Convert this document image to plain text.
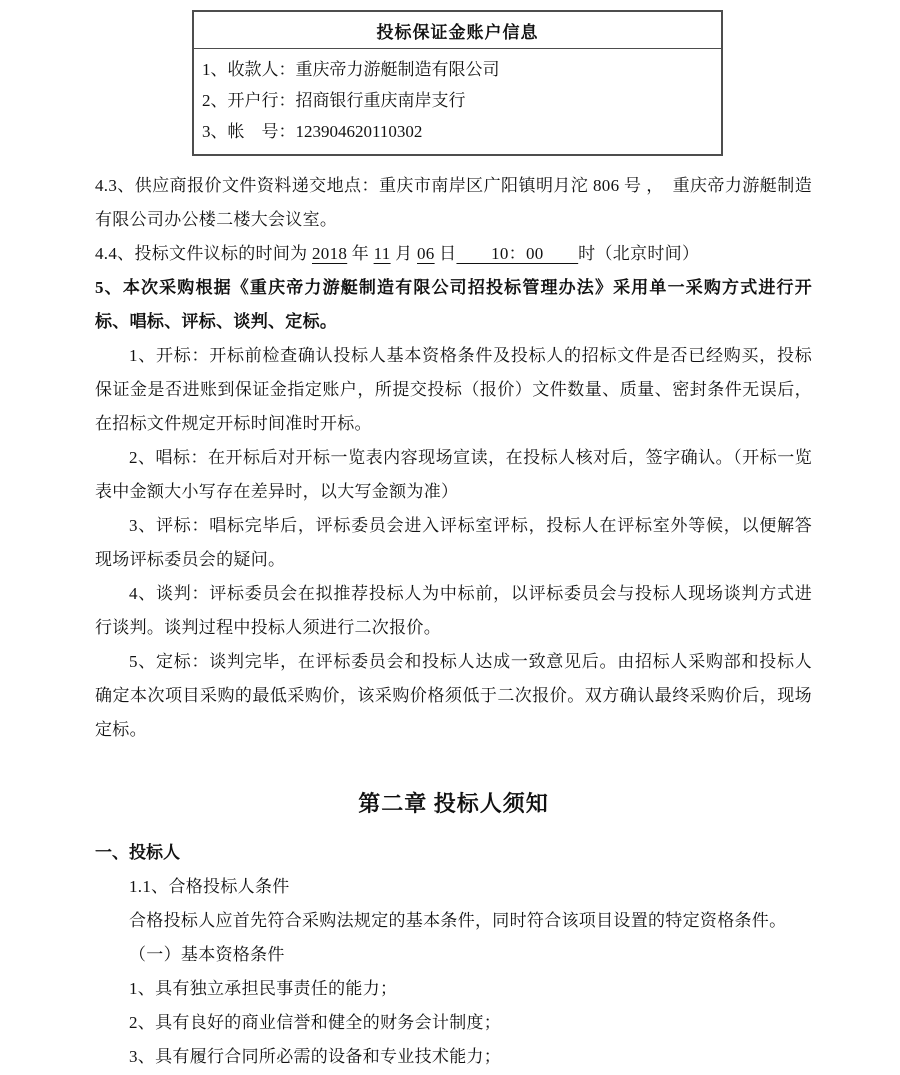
投标保证金账户信息

1、收款人：重庆帝力游艇制造有限公司

2、开户行：招商银行重庆南岸支行

3、帐　号：123904620110302

4.3、供应商报价文件资料递交地点：重庆市南岸区广阳镇明月沱 806 号 ，　重庆帝力游艇制造有限公司办公楼二楼大会议室。

4.4、投标文件议标的时间为 2018 年 11 月 06 日　　10：00　　时（北京时间）

5、本次采购根据《重庆帝力游艇制造有限公司招投标管理办法》采用单一采购方式进行开标、唱标、评标、谈判、定标。

1、开标：开标前检查确认投标人基本资格条件及投标人的招标文件是否已经购买，投标保证金是否进账到保证金指定账户，所提交投标（报价）文件数量、质量、密封条件无误后，在招标文件规定开标时间准时开标。

2、唱标：在开标后对开标一览表内容现场宣读，在投标人核对后，签字确认。（开标一览表中金额大小写存在差异时，以大写金额为准）

3、评标：唱标完毕后，评标委员会进入评标室评标，投标人在评标室外等候，以便解答现场评标委员会的疑问。

4、谈判：评标委员会在拟推荐投标人为中标前，以评标委员会与投标人现场谈判方式进行谈判。谈判过程中投标人须进行二次报价。

5、定标：谈判完毕，在评标委员会和投标人达成一致意见后。由招标人采购部和投标人确定本次项目采购的最低采购价，该采购价格须低于二次报价。双方确认最终采购价后，现场定标。

第二章 投标人须知

一、投标人

1.1、合格投标人条件

合格投标人应首先符合采购法规定的基本条件，同时符合该项目设置的特定资格条件。

（一）基本资格条件

1、具有独立承担民事责任的能力；

2、具有良好的商业信誉和健全的财务会计制度；

3、具有履行合同所必需的设备和专业技术能力；
